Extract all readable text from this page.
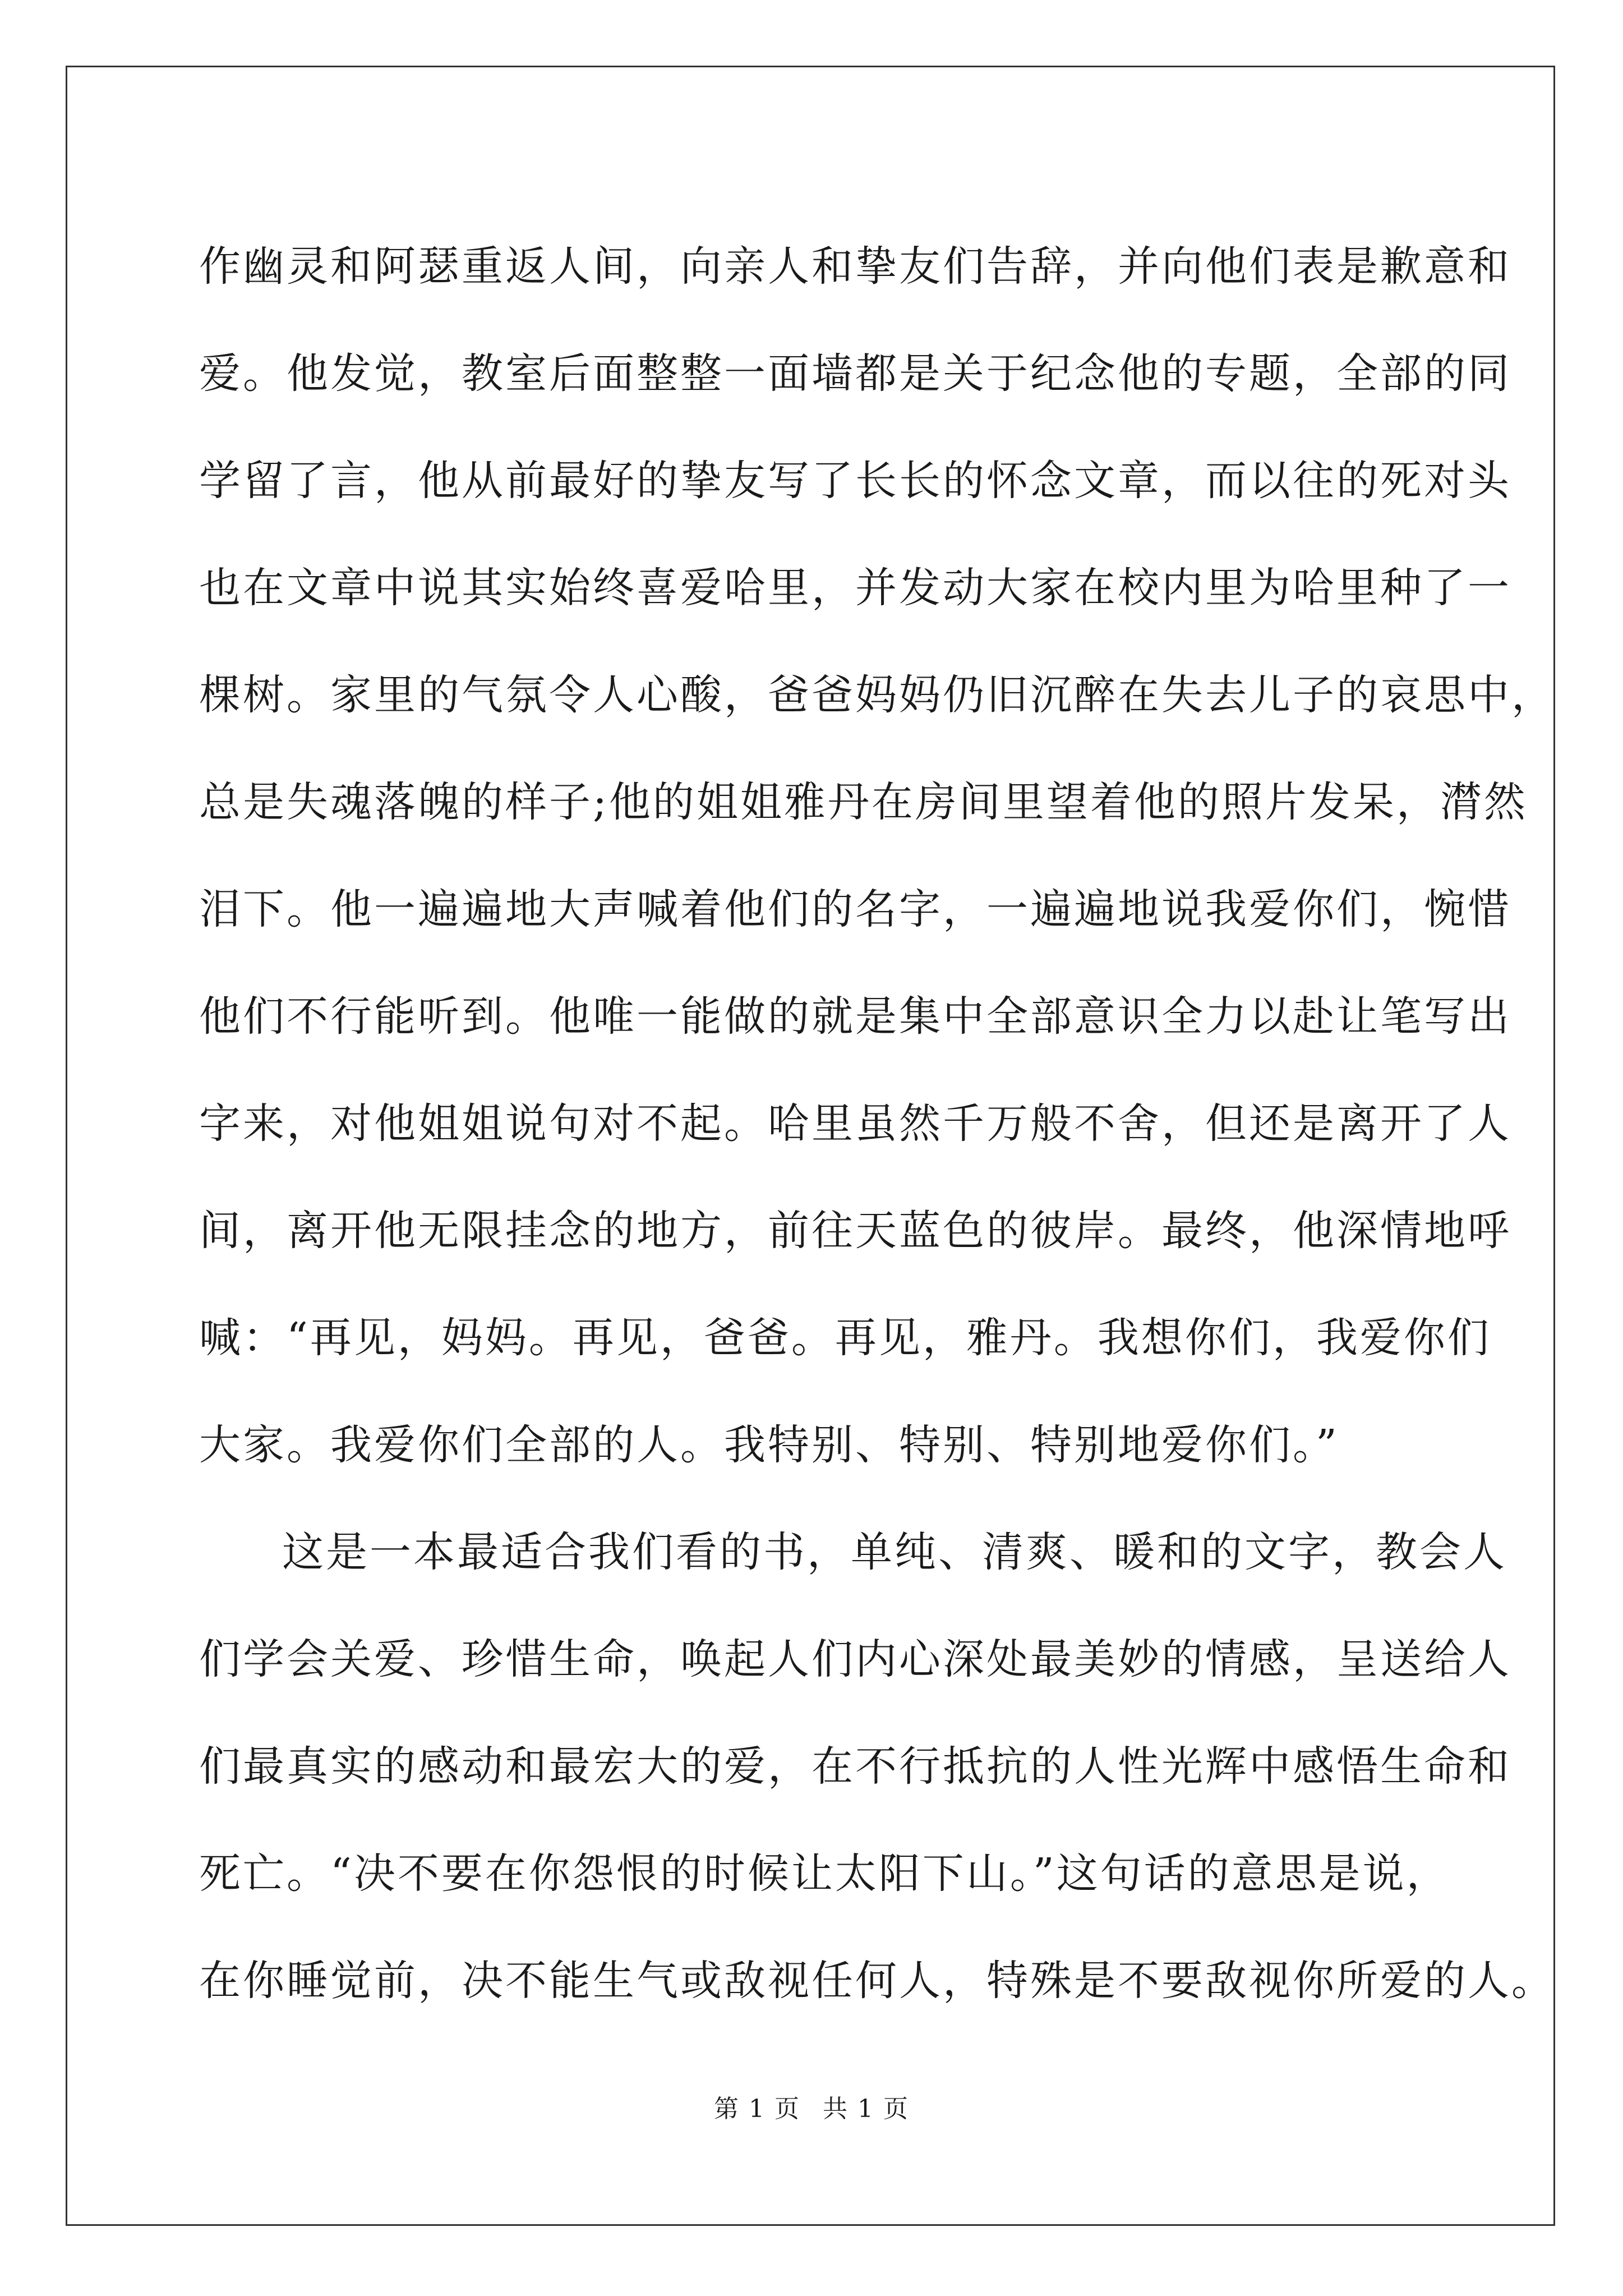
作幽灵和阿瑟重返人间，向亲人和挚友们告辞，并向他们表是歉意和
爱。他发觉，教室后面整整一面墙都是关于纪念他的专题，全部的同
学留了言，他从前最好的挚友写了长长的怀念文章，而以往的死对头
也在文章中说其实始终喜爱哈里，并发动大家在校内里为哈里种了一
棵树。家里的气氛令人心酸，爸爸妈妈仍旧沉醉在失去儿子的哀思中，
总是失魂落魄的样子;他的姐姐雅丹在房间里望着他的照片发呆，潸然
泪下。他一遍遍地大声喊着他们的名字，一遍遍地说我爱你们，惋惜
他们不行能听到。他唯一能做的就是集中全部意识全力以赴让笔写出
字来，对他姐姐说句对不起。哈里虽然千万般不舍，但还是离开了人
间，离开他无限挂念的地方，前往天蓝色的彼岸。最终，他深情地呼
喊：“再见，妈妈。再见，爸爸。再见，雅丹。我想你们，我爱你们
大家。我爱你们全部的人。我特别、特别、特别地爱你们。”
这是一本最适合我们看的书，单纯、清爽、暖和的文字，教会人
们学会关爱、珍惜生命，唤起人们内心深处最美妙的情感，呈送给人
们最真实的感动和最宏大的爱，在不行抵抗的人性光辉中感悟生命和
死亡。“决不要在你怨恨的时候让太阳下山。”这句话的意思是说，
在你睡觉前，决不能生气或敌视任何人，特殊是不要敌视你所爱的人。
第 1 页 共 1 页
